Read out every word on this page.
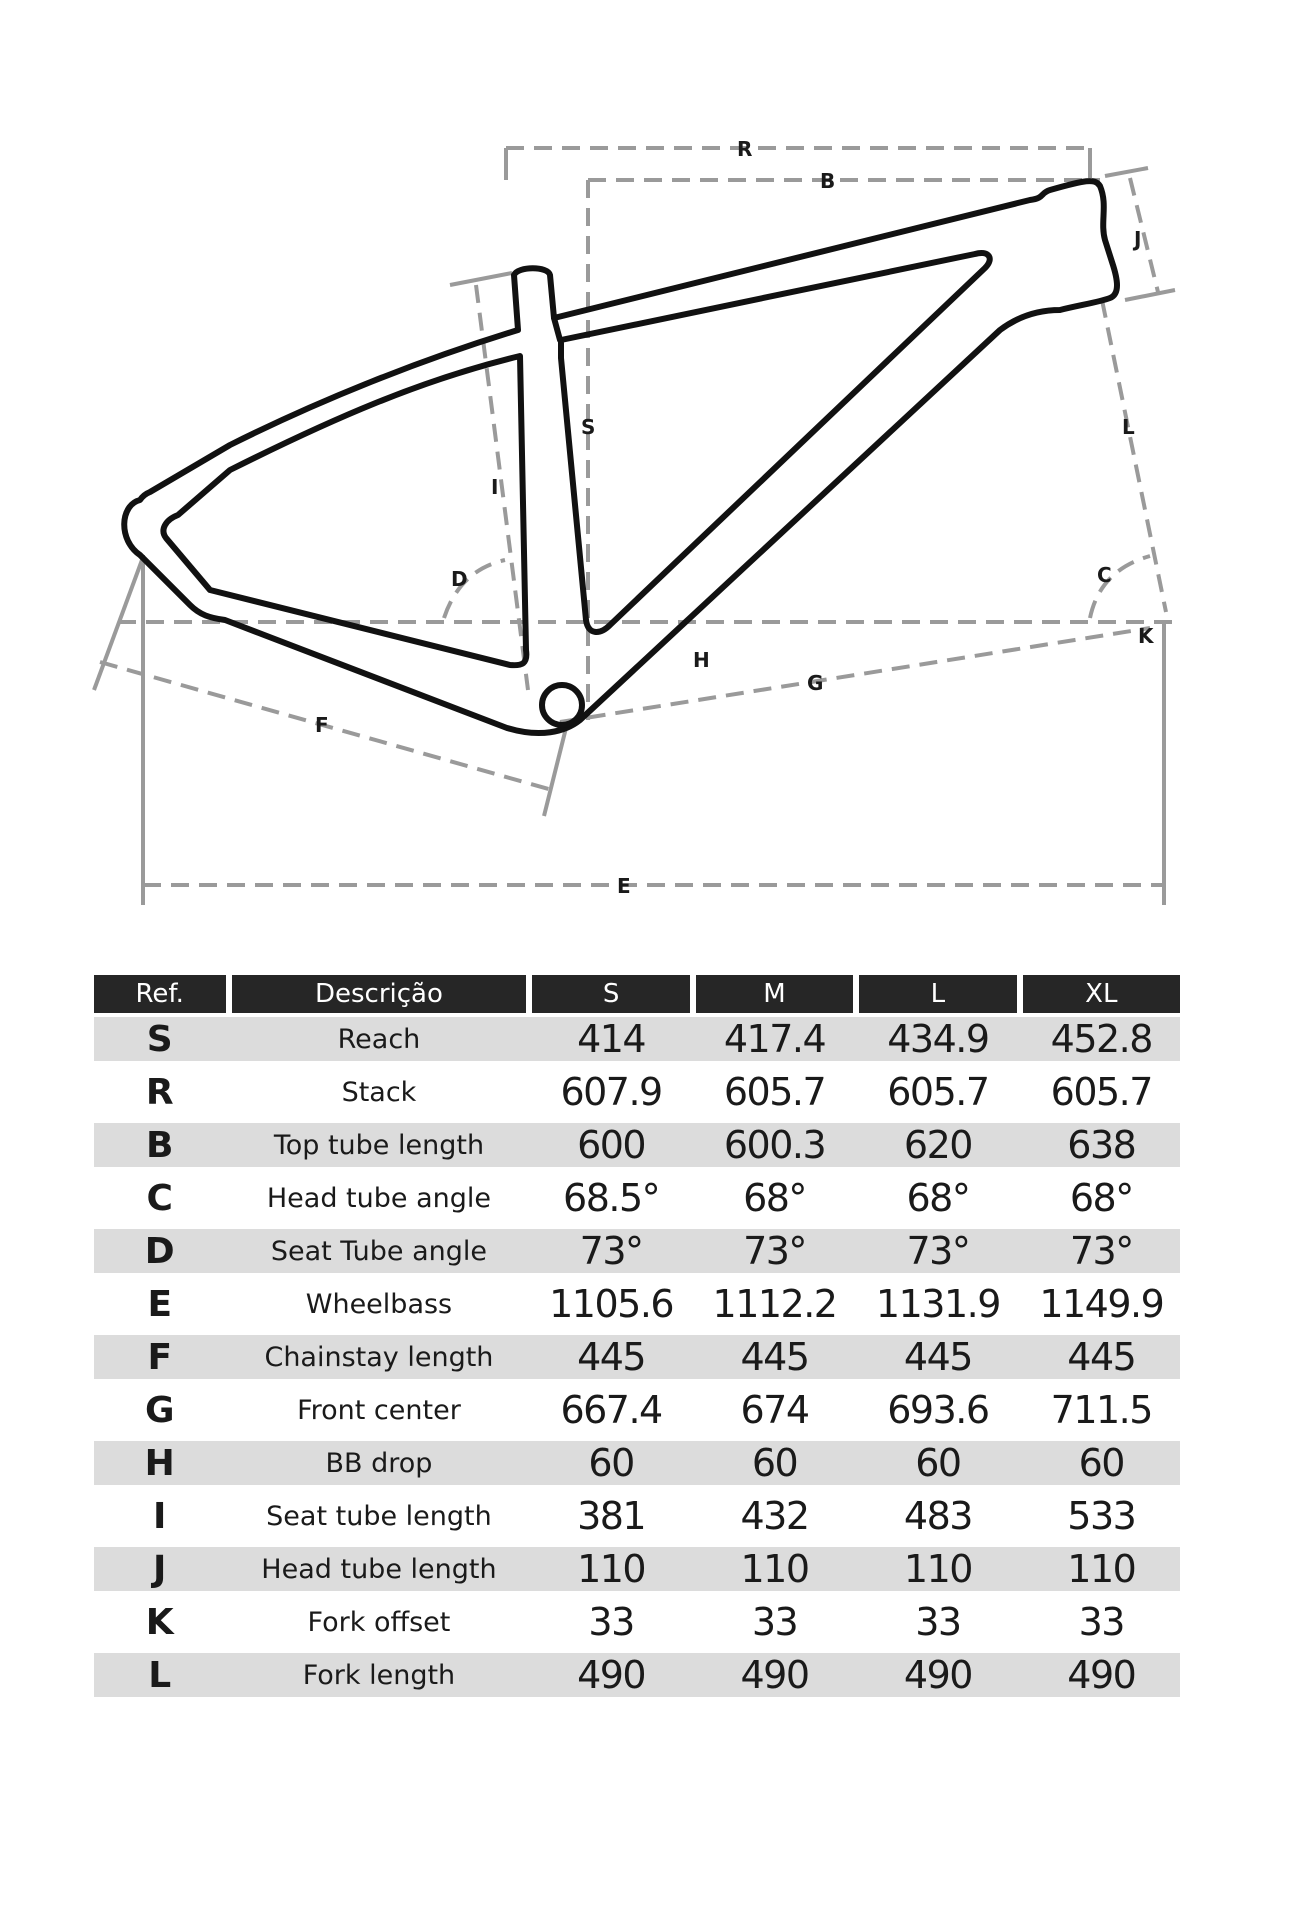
R
B
J
S
I
L
D	C
K
H
G
F
E
Ref.	Descrição	S	M	L	XL
S	Reach	414	417.4	434.9	452.8
R	Stack	607.9	605.7	605.7	605.7
B	Top tube length	600	600.3	620	638
C	Head tube angle	68.5°	68°	68°	68°
D	Seat Tube angle	73°	73°	73°	73°
E	Wheelbass	1105.6	1112.2	1131.9	1149.9
F	Chainstay length	445	445	445	445
G	Front center	667.4	674	693.6	711.5
H	BB drop	60	60	60	60
I	Seat tube length	381	432	483	533
J	Head tube length	110	110	110	110
K	Fork offset	33	33	33	33
L	Fork length	490	490	490	490
